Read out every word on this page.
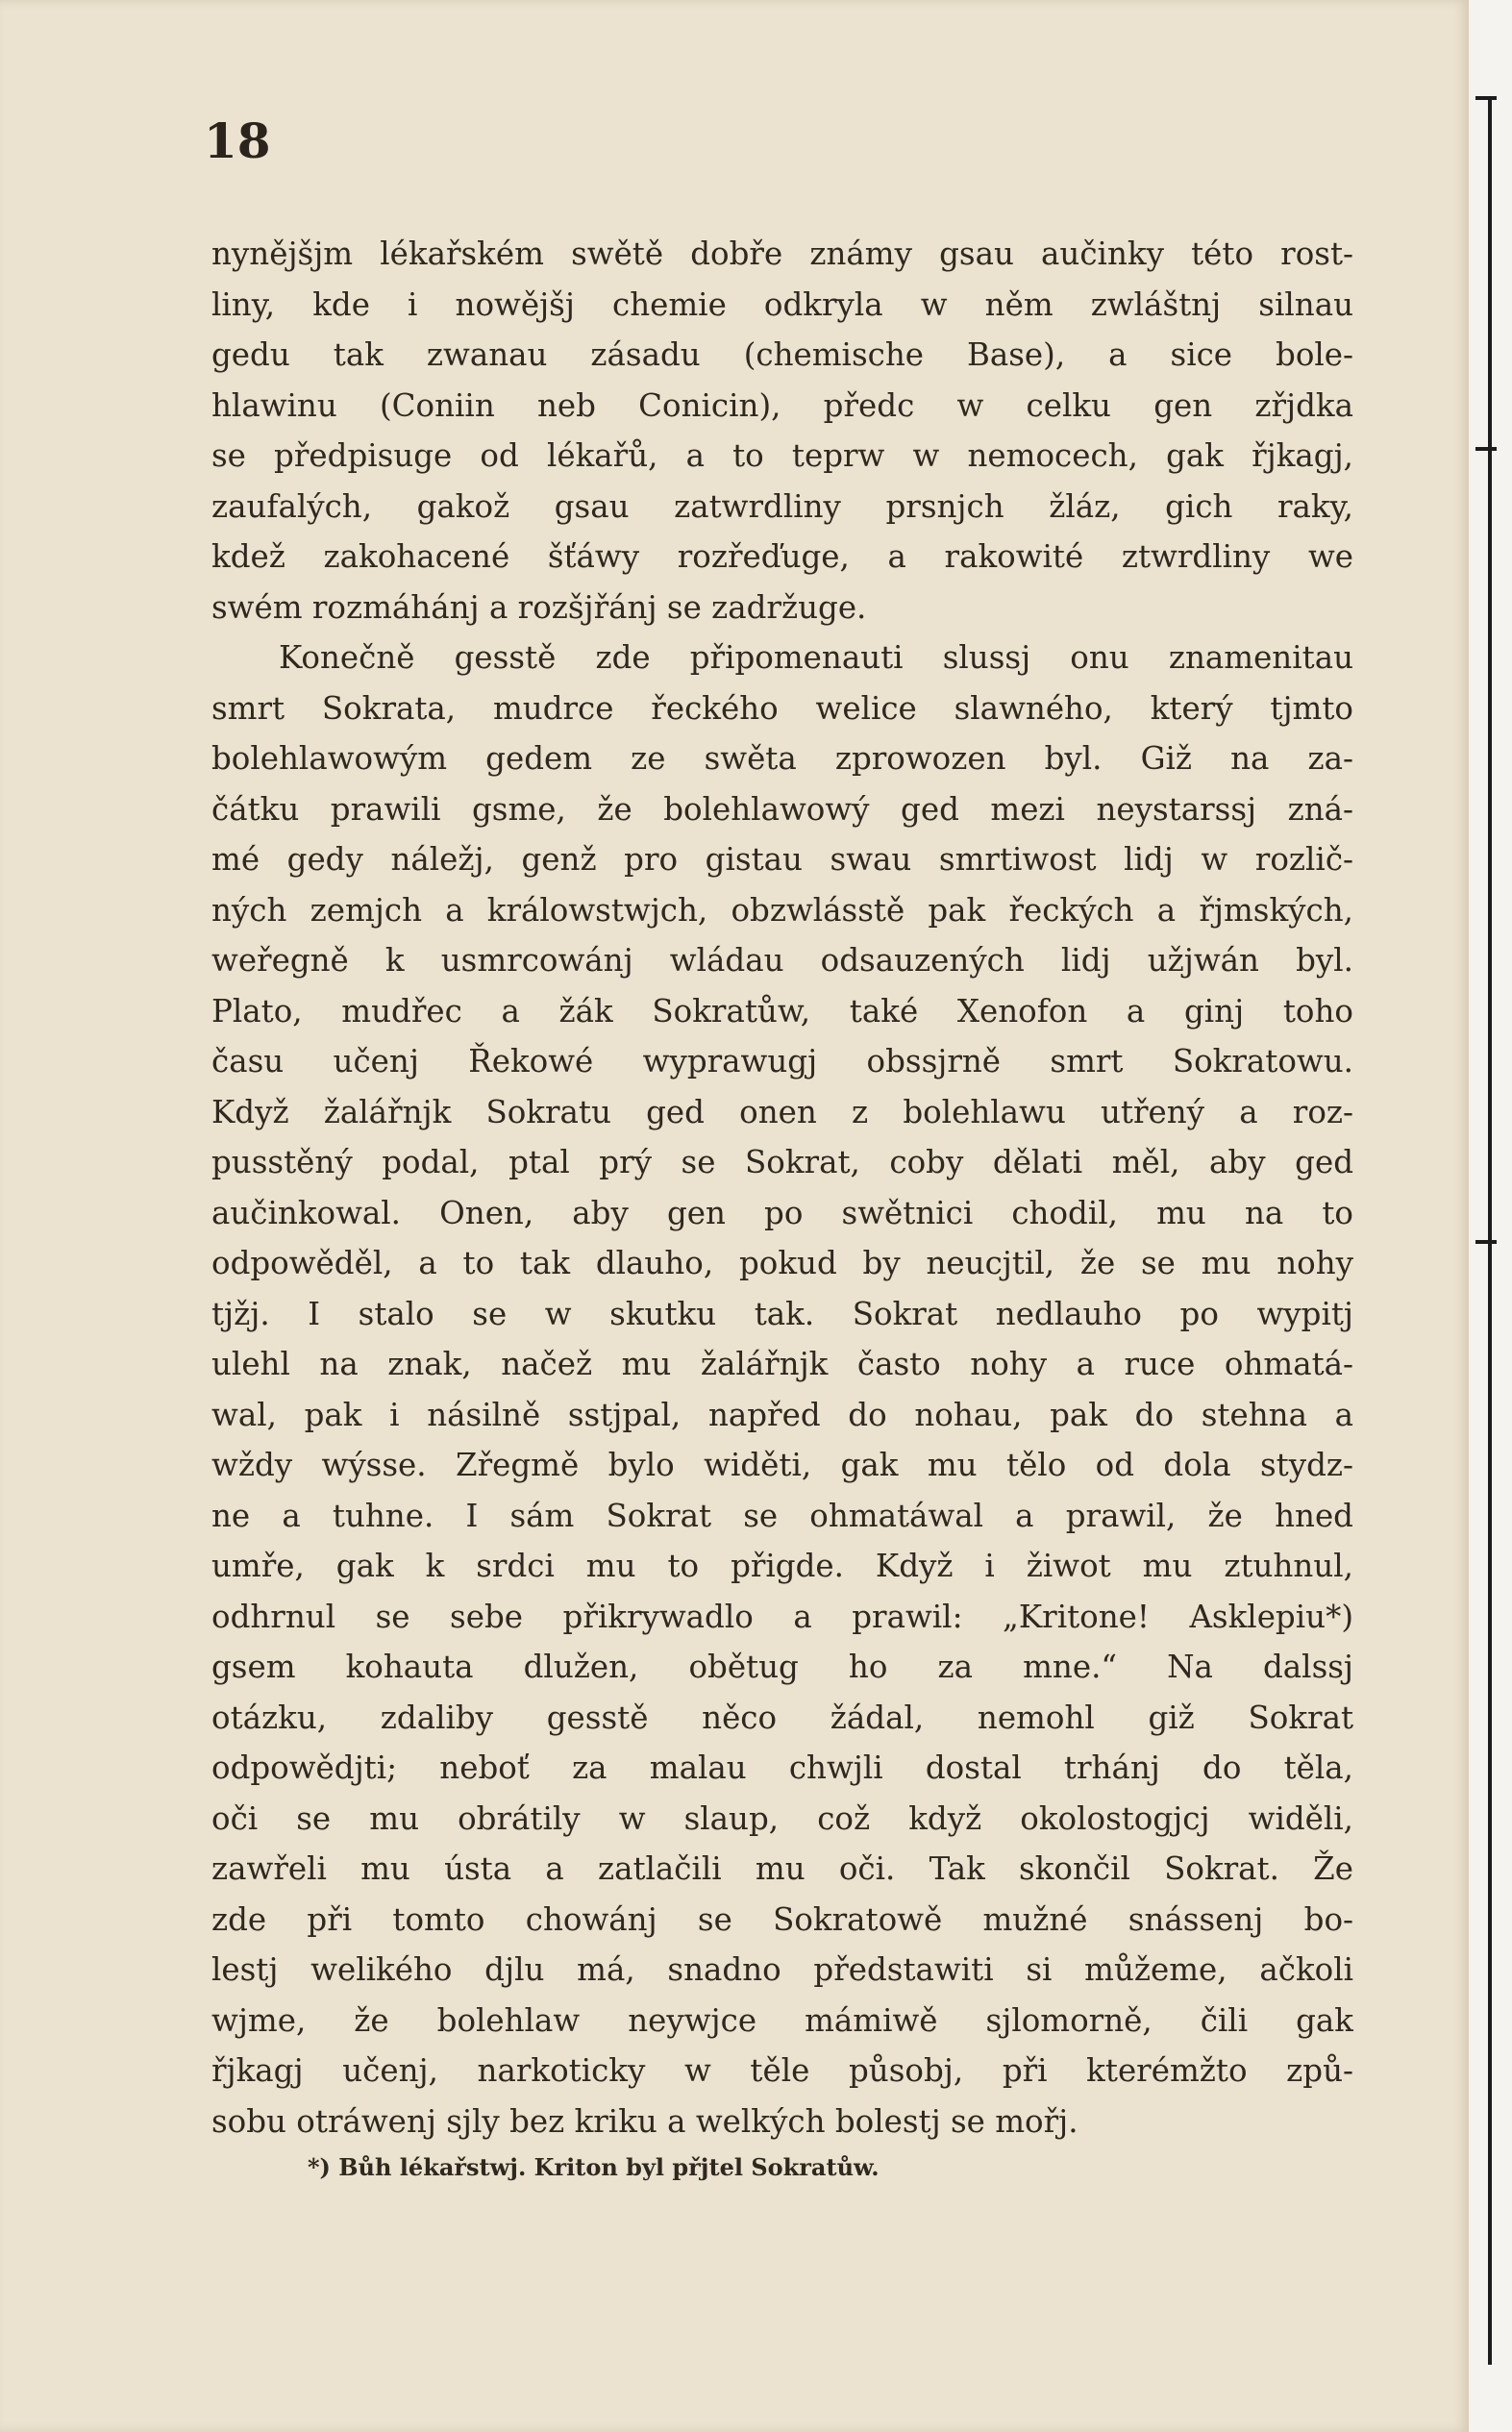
18
nynějšjm lékařském swětě dobře známy gsau aučinky této rost-
liny, kde i nowějšj chemie odkryla w něm zwláštnj silnau
gedu tak zwanau zásadu (chemische Base), a sice bole-
hlawinu (Coniin neb Conicin), předc w celku gen zřjdka
se předpisuge od lékařů, a to teprw w nemocech, gak řjkagj,
zaufalých, gakož gsau zatwrdliny prsnjch žláz, gich raky,
kdež zakohacené šťáwy rozřeďuge, a rakowité ztwrdliny we
swém rozmáhánj a rozšjřánj se zadržuge.
Konečně gesstě zde připomenauti slussj onu znamenitau
smrt Sokrata, mudrce řeckého welice slawného, který tjmto
bolehlawowým gedem ze swěta zprowozen byl. Giž na za-
čátku prawili gsme, že bolehlawowý ged mezi neystarssj zná-
mé gedy náležj, genž pro gistau swau smrtiwost lidj w rozlič-
ných zemjch a králowstwjch, obzwlásstě pak řeckých a řjmských,
weřegně k usmrcowánj wládau odsauzených lidj užjwán byl.
Plato, mudřec a žák Sokratůw, také Xenofon a ginj toho
času učenj Řekowé wyprawugj obssjrně smrt Sokratowu.
Když žalářnjk Sokratu ged onen z bolehlawu utřený a roz-
pusstěný podal, ptal prý se Sokrat, coby dělati měl, aby ged
aučinkowal. Onen, aby gen po swětnici chodil, mu na to
odpowěděl, a to tak dlauho, pokud by neucjtil, že se mu nohy
tjžj. I stalo se w skutku tak. Sokrat nedlauho po wypitj
ulehl na znak, načež mu žalářnjk často nohy a ruce ohmatá-
wal, pak i násilně sstjpal, napřed do nohau, pak do stehna a
wždy wýsse. Zřegmě bylo widěti, gak mu tělo od dola stydz-
ne a tuhne. I sám Sokrat se ohmatáwal a prawil, že hned
umře, gak k srdci mu to přigde. Když i žiwot mu ztuhnul,
odhrnul se sebe přikrywadlo a prawil: „Kritone! Asklepiu*)
gsem kohauta dlužen, obětug ho za mne.“ Na dalssj
otázku, zdaliby gesstě něco žádal, nemohl giž Sokrat
odpowědjti; neboť za malau chwjli dostal trhánj do těla,
oči se mu obrátily w slaup, což když okolostogjcj widěli,
zawřeli mu ústa a zatlačili mu oči. Tak skončil Sokrat. Že
zde při tomto chowánj se Sokratowě mužné snássenj bo-
lestj welikého djlu má, snadno předstawiti si můžeme, ačkoli
wjme, že bolehlaw neywjce mámiwě sjlomorně, čili gak
řjkagj učenj, narkoticky w těle působj, při kterémžto způ-
sobu otráwenj sjly bez kriku a welkých bolestj se mořj.

*) Bůh lékařstwj. Kriton byl přjtel Sokratůw.
